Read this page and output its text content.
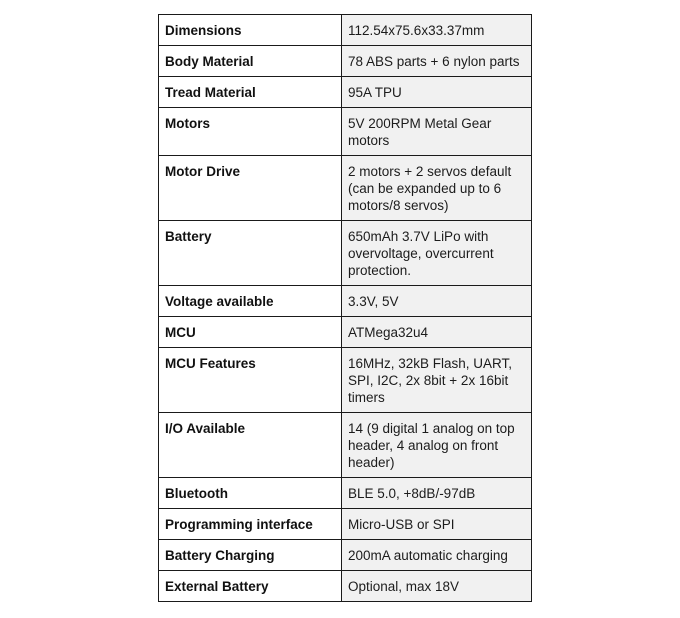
Dimensions	112.54x75.6x33.37mm
Body Material	78 ABS parts + 6 nylon parts
Tread Material	95A TPU
Motors	5V 200RPM Metal Gear motors
Motor Drive	2 motors + 2 servos default (can be expanded up to 6 motors/8 servos)
Battery	650mAh 3.7V LiPo with overvoltage, overcurrent protection.
Voltage available	3.3V, 5V
MCU	ATMega32u4
MCU Features	16MHz, 32kB Flash, UART, SPI, I2C, 2x 8bit + 2x 16bit timers
I/O Available	14 (9 digital 1 analog on top header, 4 analog on front header)
Bluetooth	BLE 5.0, +8dB/-97dB
Programming interface	Micro-USB or SPI
Battery Charging	200mA automatic charging
External Battery	Optional, max 18V
